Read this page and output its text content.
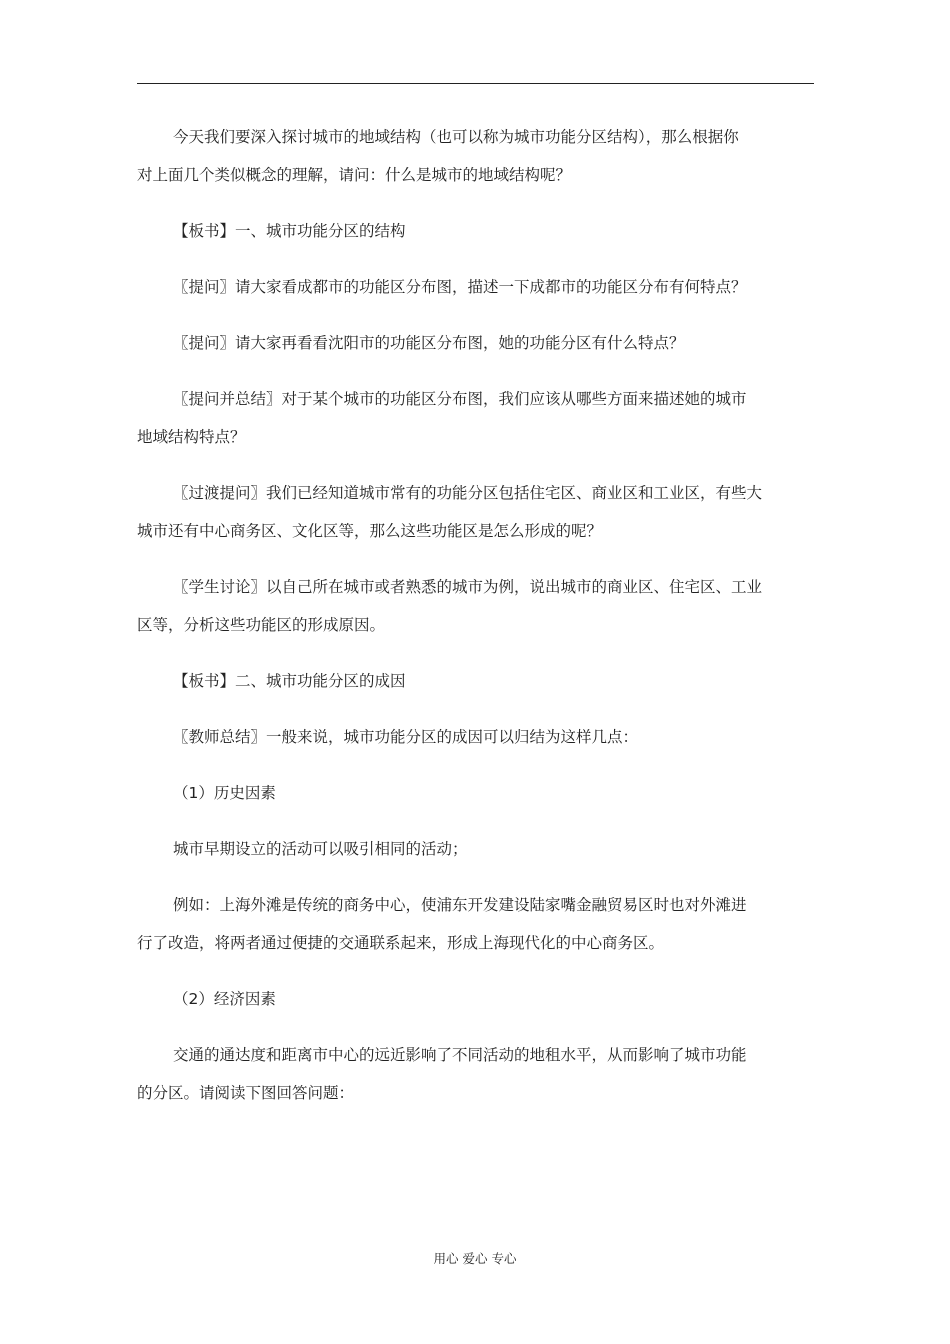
今天我们要深入探讨城市的地域结构（也可以称为城市功能分区结构），那么根据你

对上面几个类似概念的理解，请问：什么是城市的地域结构呢？

【板书】一、城市功能分区的结构

〖提问〗请大家看成都市的功能区分布图，描述一下成都市的功能区分布有何特点？

〖提问〗请大家再看看沈阳市的功能区分布图，她的功能分区有什么特点？

〖提问并总结〗对于某个城市的功能区分布图，我们应该从哪些方面来描述她的城市

地域结构特点？

〖过渡提问〗我们已经知道城市常有的功能分区包括住宅区、商业区和工业区，有些大

城市还有中心商务区、文化区等，那么这些功能区是怎么形成的呢？

〖学生讨论〗以自己所在城市或者熟悉的城市为例，说出城市的商业区、住宅区、工业

区等，分析这些功能区的形成原因。

【板书】二、城市功能分区的成因

〖教师总结〗一般来说，城市功能分区的成因可以归结为这样几点：

（1）历史因素

城市早期设立的活动可以吸引相同的活动；

例如：上海外滩是传统的商务中心，使浦东开发建设陆家嘴金融贸易区时也对外滩进

行了改造，将两者通过便捷的交通联系起来，形成上海现代化的中心商务区。

（2）经济因素

交通的通达度和距离市中心的远近影响了不同活动的地租水平，从而影响了城市功能

的分区。请阅读下图回答问题：

用心 爱心 专心
